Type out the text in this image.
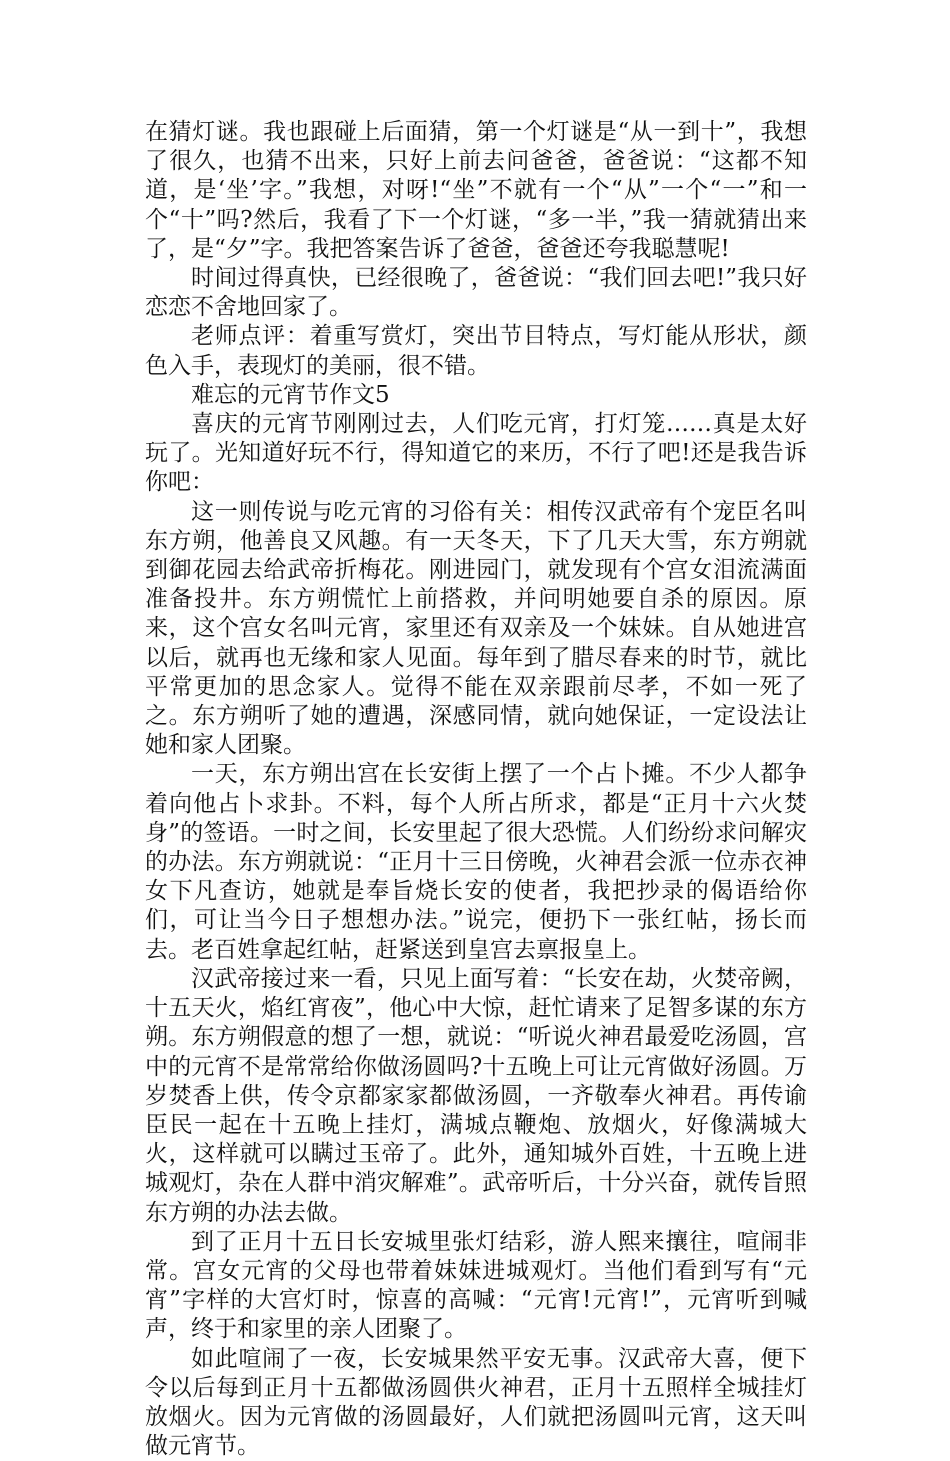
在猜灯谜。我也跟碰上后面猜，第一个灯谜是“从一到十”，我想了很久，也猜不出来，只好上前去问爸爸，爸爸说：“这都不知道，是‘坐’字。”我想，对呀!“坐”不就有一个“从”一个“一”和一个“十”吗?然后，我看了下一个灯谜，“多一半，”我一猜就猜出来了，是“夕”字。我把答案告诉了爸爸，爸爸还夸我聪慧呢!

时间过得真快，已经很晚了，爸爸说：“我们回去吧!”我只好恋恋不舍地回家了。

老师点评：着重写赏灯，突出节目特点，写灯能从形状，颜色入手，表现灯的美丽，很不错。

难忘的元宵节作文5

喜庆的元宵节刚刚过去，人们吃元宵，打灯笼……真是太好玩了。光知道好玩不行，得知道它的来历，不行了吧!还是我告诉你吧：

这一则传说与吃元宵的习俗有关：相传汉武帝有个宠臣名叫东方朔，他善良又风趣。有一天冬天，下了几天大雪，东方朔就到御花园去给武帝折梅花。刚进园门，就发现有个宫女泪流满面准备投井。东方朔慌忙上前搭救，并问明她要自杀的原因。原来，这个宫女名叫元宵，家里还有双亲及一个妹妹。自从她进宫以后，就再也无缘和家人见面。每年到了腊尽春来的时节，就比平常更加的思念家人。觉得不能在双亲跟前尽孝，不如一死了之。东方朔听了她的遭遇，深感同情，就向她保证，一定设法让她和家人团聚。

一天，东方朔出宫在长安街上摆了一个占卜摊。不少人都争着向他占卜求卦。不料，每个人所占所求，都是“正月十六火焚身”的签语。一时之间，长安里起了很大恐慌。人们纷纷求问解灾的办法。东方朔就说：“正月十三日傍晚，火神君会派一位赤衣神女下凡查访，她就是奉旨烧长安的使者，我把抄录的偈语给你们，可让当今日子想想办法。”说完，便扔下一张红帖，扬长而去。老百姓拿起红帖，赶紧送到皇宫去禀报皇上。

汉武帝接过来一看，只见上面写着：“长安在劫，火焚帝阙，十五天火，焰红宵夜”，他心中大惊，赶忙请来了足智多谋的东方朔。东方朔假意的想了一想，就说：“听说火神君最爱吃汤圆，宫中的元宵不是常常给你做汤圆吗?十五晚上可让元宵做好汤圆。万岁焚香上供，传令京都家家都做汤圆，一齐敬奉火神君。再传谕臣民一起在十五晚上挂灯，满城点鞭炮、放烟火，好像满城大火，这样就可以瞒过玉帝了。此外，通知城外百姓，十五晚上进城观灯，杂在人群中消灾解难”。武帝听后，十分兴奋，就传旨照东方朔的办法去做。

到了正月十五日长安城里张灯结彩，游人熙来攘往，喧闹非常。宫女元宵的父母也带着妹妹进城观灯。当他们看到写有“元宵”字样的大宫灯时，惊喜的高喊：“元宵!元宵!”，元宵听到喊声，终于和家里的亲人团聚了。

如此喧闹了一夜，长安城果然平安无事。汉武帝大喜，便下令以后每到正月十五都做汤圆供火神君，正月十五照样全城挂灯放烟火。因为元宵做的汤圆最好，人们就把汤圆叫元宵，这天叫做元宵节。
